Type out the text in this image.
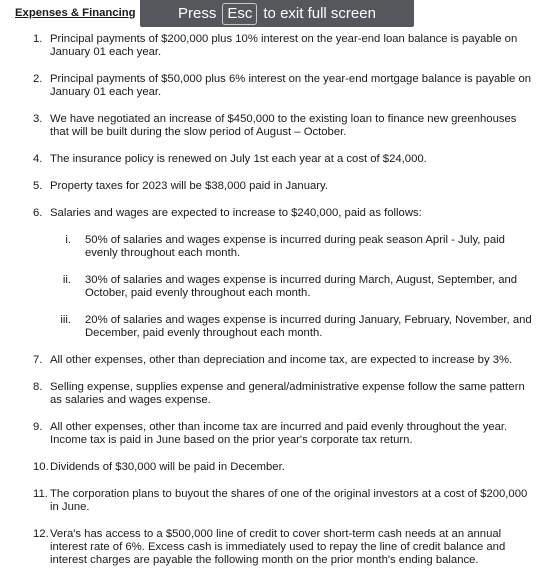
Expenses & Financing
1. Principal payments of $200,000 plus 10% interest on the year-end loan balance is payable on January 01 each year.
2. Principal payments of $50,000 plus 6% interest on the year-end mortgage balance is payable on January 01 each year.
3. We have negotiated an increase of $450,000 to the existing loan to finance new greenhouses that will be built during the slow period of August – October.
4. The insurance policy is renewed on July 1st each year at a cost of $24,000.
5. Property taxes for 2023 will be $38,000 paid in January.
6. Salaries and wages are expected to increase to $240,000, paid as follows:
i. 50% of salaries and wages expense is incurred during peak season April - July, paid evenly throughout each month.
ii. 30% of salaries and wages expense is incurred during March, August, September, and October, paid evenly throughout each month.
iii. 20% of salaries and wages expense is incurred during January, February, November, and December, paid evenly throughout each month.
7. All other expenses, other than depreciation and income tax, are expected to increase by 3%.
8. Selling expense, supplies expense and general/administrative expense follow the same pattern as salaries and wages expense.
9. All other expenses, other than income tax are incurred and paid evenly throughout the year. Income tax is paid in June based on the prior year's corporate tax return.
10. Dividends of $30,000 will be paid in December.
11. The corporation plans to buyout the shares of one of the original investors at a cost of $200,000 in June.
12. Vera's has access to a $500,000 line of credit to cover short-term cash needs at an annual interest rate of 6%. Excess cash is immediately used to repay the line of credit balance and interest charges are payable the following month on the prior month's ending balance.
Press Esc to exit full screen
